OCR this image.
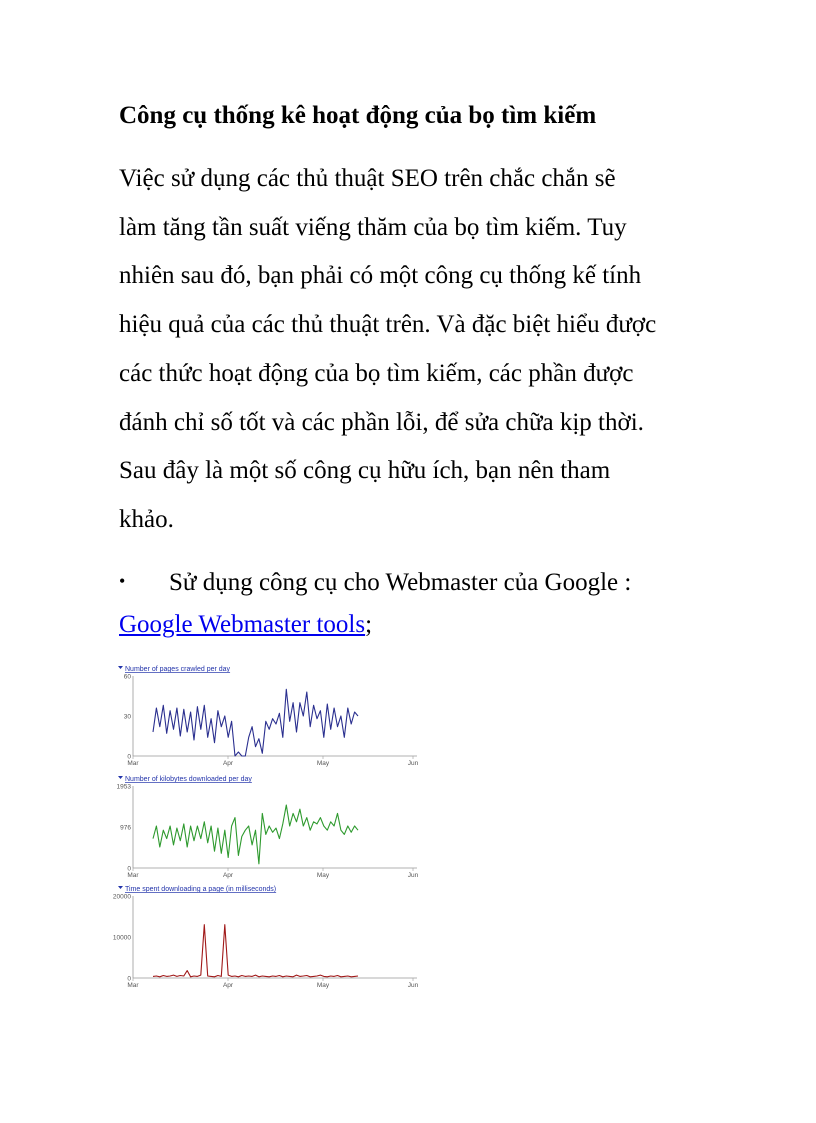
Công cụ thống kê hoạt động của bọ tìm kiếm
Việc sử dụng các thủ thuật SEO trên chắc chắn sẽ
làm tăng tần suất viếng thăm của bọ tìm kiếm. Tuy
nhiên sau đó, bạn phải có một công cụ thống kế tính
hiệu quả của các thủ thuật trên. Và đặc biệt hiểu được
các thức hoạt động của bọ tìm kiếm, các phần được
đánh chỉ số tốt và các phần lỗi, để sửa chữa kịp thời.
Sau đây là một số công cụ hữu ích, bạn nên tham
khảo.
• Sử dụng công cụ cho Webmaster của Google :
Google Webmaster tools;
Number of pages crawled per day
60
30
0
Mar	Apr	May	Jun
Number of kilobytes downloaded per day
1953
976
0
Mar	Apr	May	Jun
Time spent downloading a page (in milliseconds)
20000
10000
0
Mar	Apr	May	Jun
